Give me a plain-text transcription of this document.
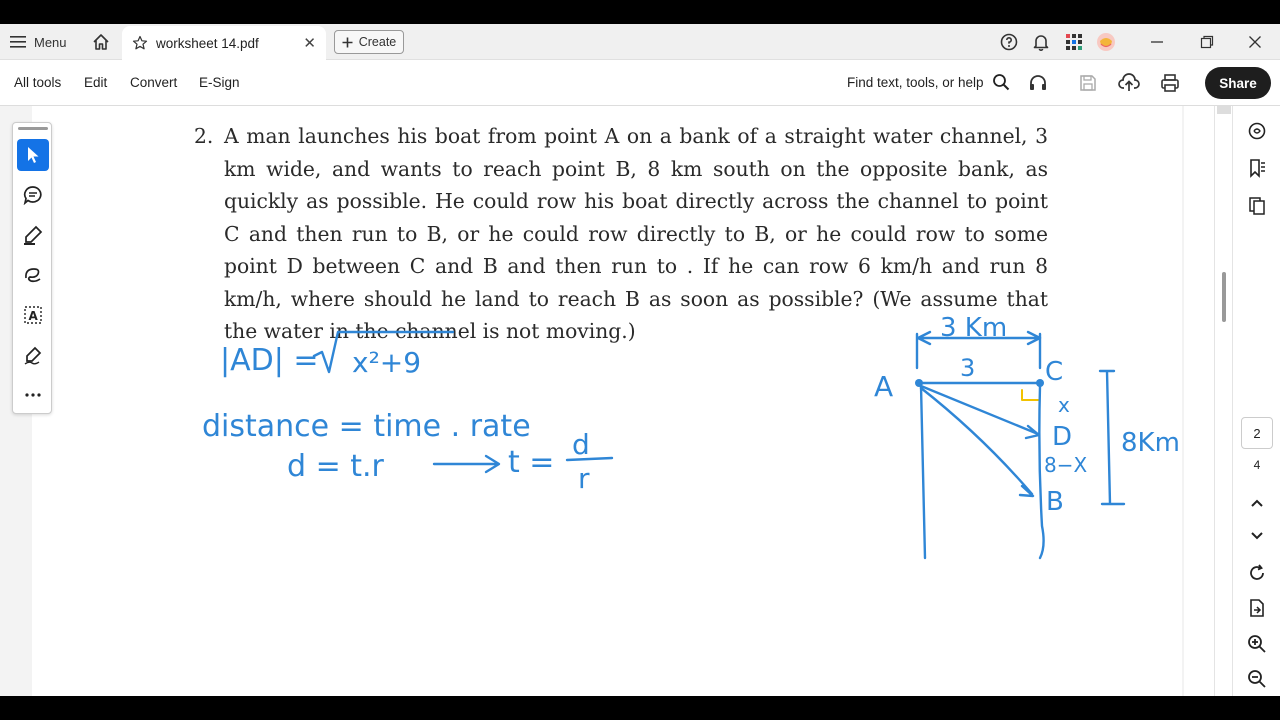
Menu	worksheet 14.pdf	✕	Create
All tools Edit Convert E-Sign	Find text, tools, or help	Share
2. A man launches his boat from point A on a bank of a straight water channel, 3 km wide, and wants to reach point B, 8 km south on the opposite bank, as quickly as possible. He could row his boat directly across the channel to point C and then run to B, or he could row directly to B, or he could row to some point D between C and B and then run to . If he can row 6 km/h and run 8 km/h, where should he land to reach B as soon as possible? (We assume that the water in the channel is not moving.)
|AD| = x²+9
distance = time . rate
d = t.r	t =
d
r
3 Km
3
A	C
x
D
8−X
B
8Km
A
2
4
